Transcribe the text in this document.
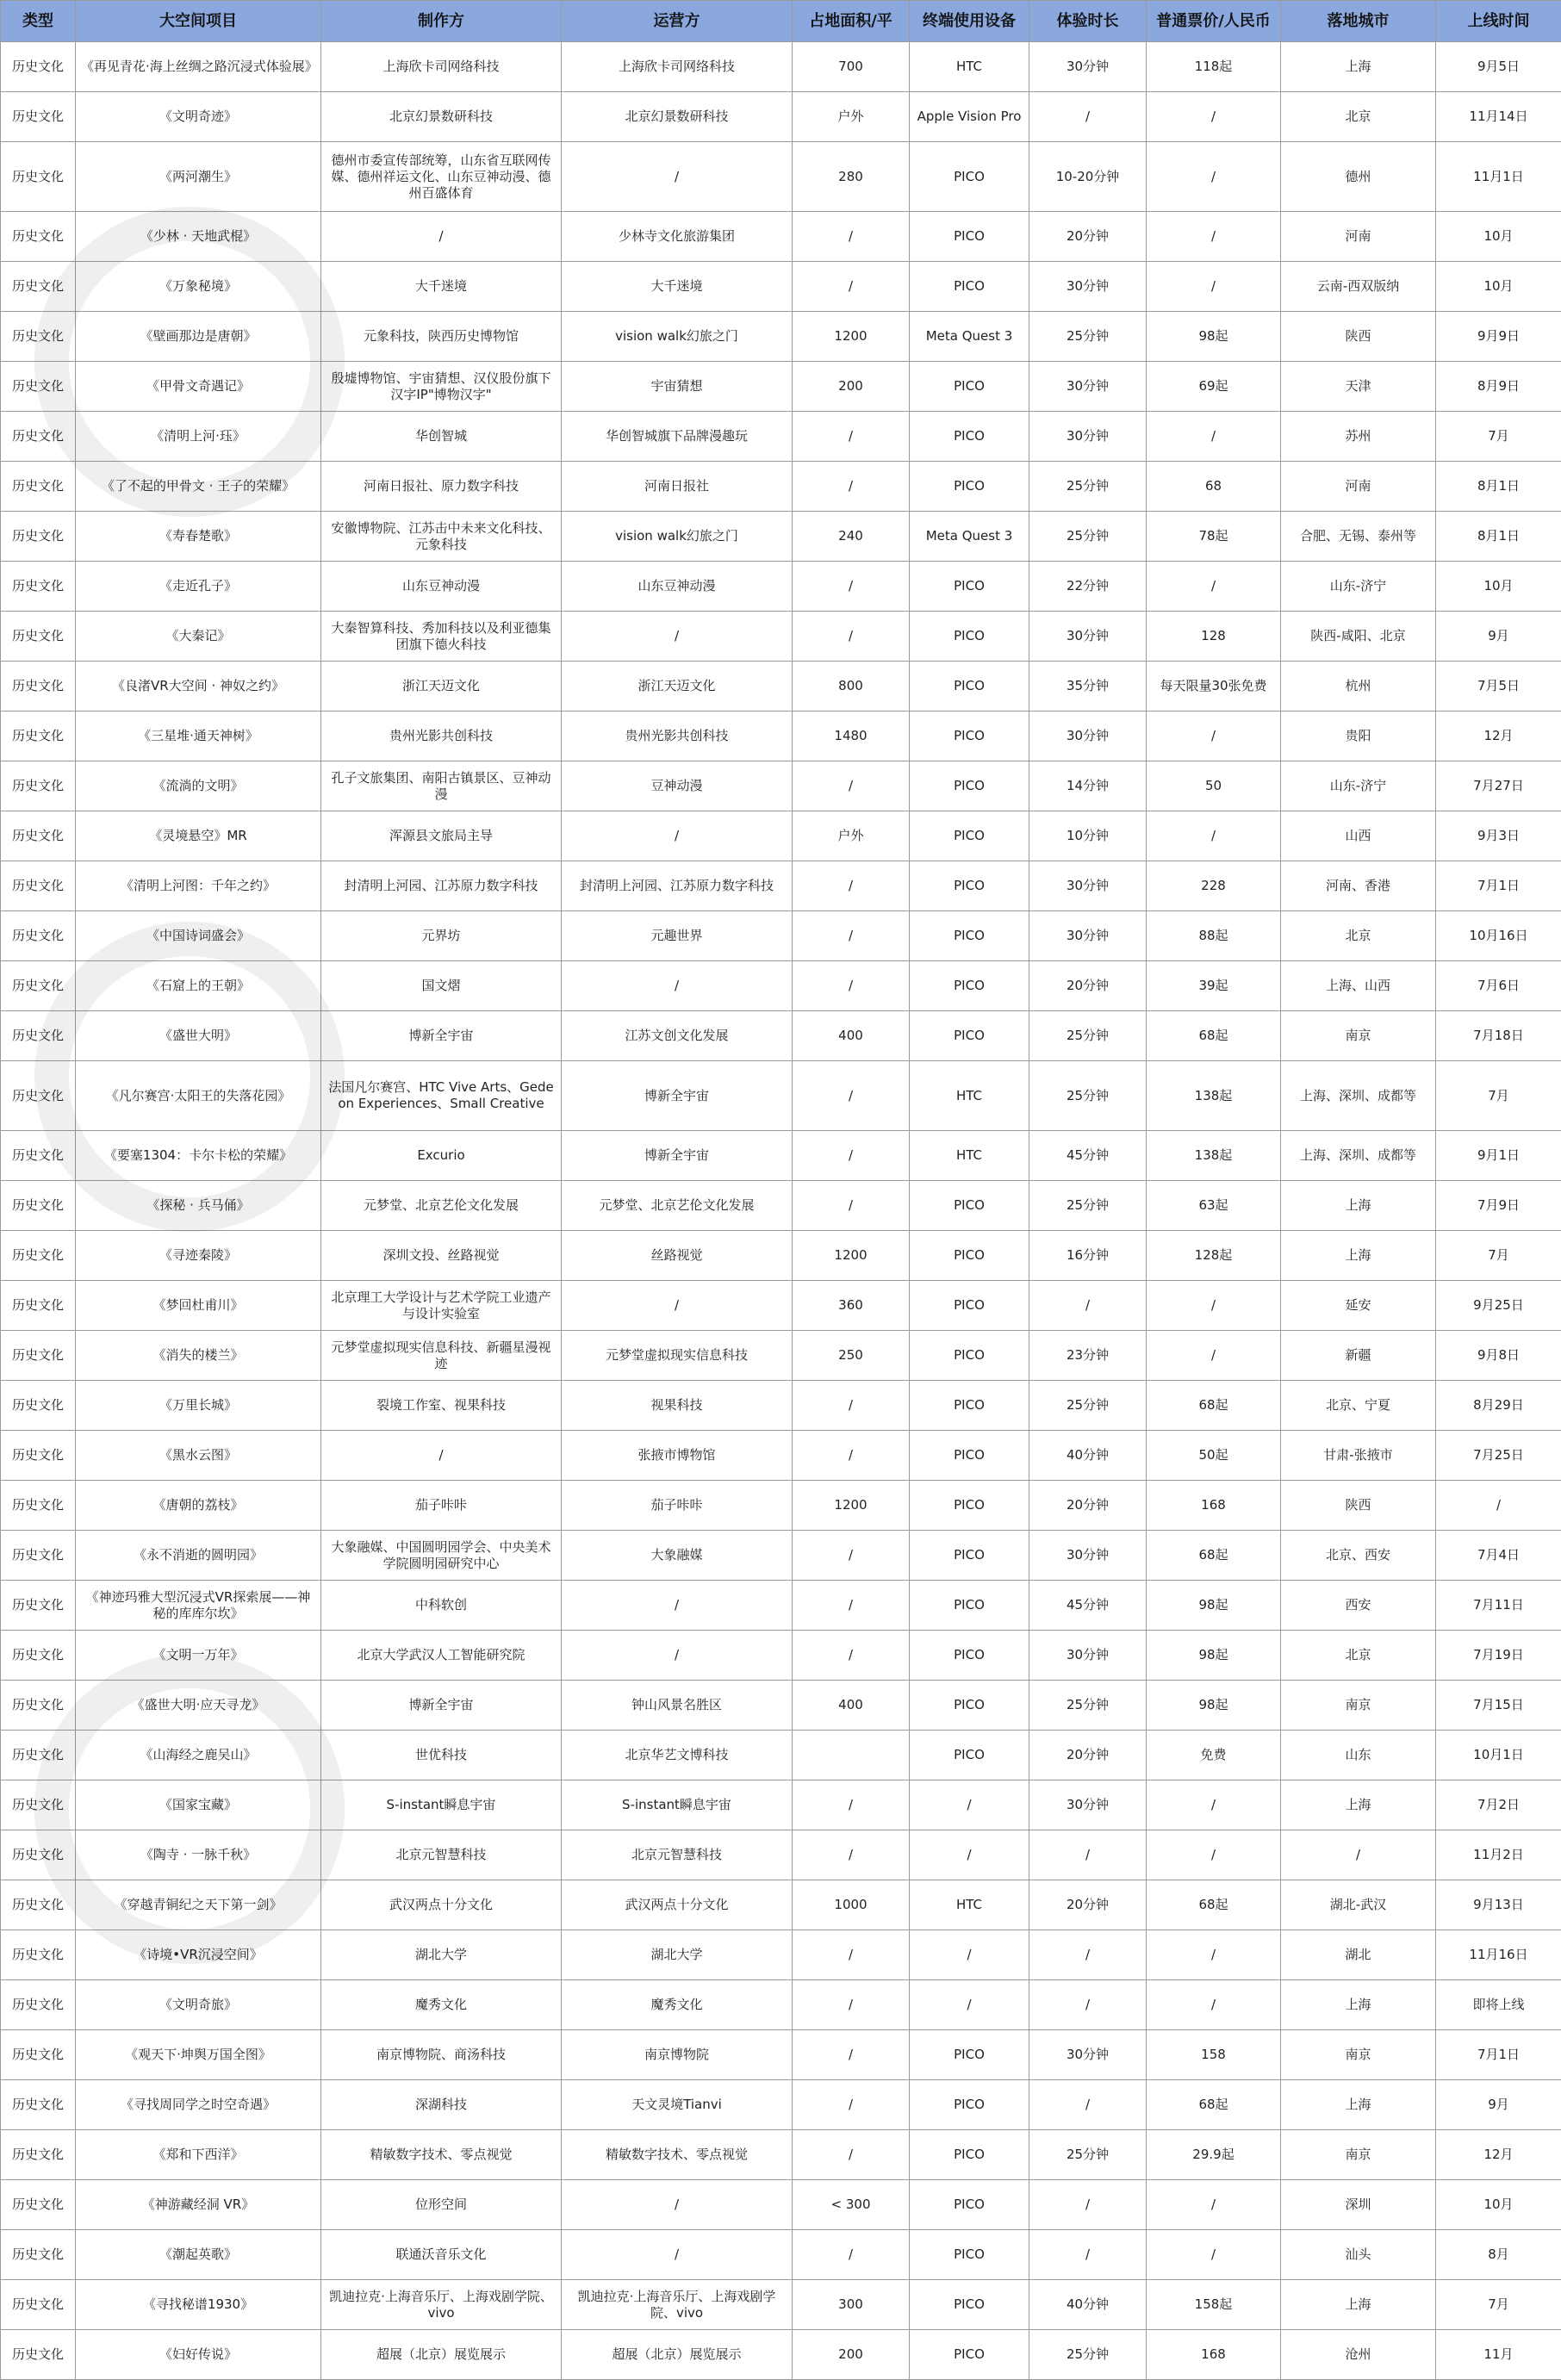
类型	大空间项目	制作方	运营方	占地面积/平	终端使用设备	体验时长	普通票价/人民币	落地城市	上线时间
历史文化	《再见青花·海上丝绸之路沉浸式体验展》	上海欣卡司网络科技	上海欣卡司网络科技	700	HTC	30分钟	118起	上海	9月5日
历史文化	《文明奇迹》	北京幻景数研科技	北京幻景数研科技	户外	Apple Vision Pro	/	/	北京	11月14日
历史文化	《两河潮生》	德州市委宣传部统筹，山东省互联网传媒、德州祥运文化、山东豆神动漫、德州百盛体育	/	280	PICO	10-20分钟	/	德州	11月1日
历史文化	《少林 · 天地武棍》	/	少林寺文化旅游集团	/	PICO	20分钟	/	河南	10月
历史文化	《万象秘境》	大千迷境	大千迷境	/	PICO	30分钟	/	云南-西双版纳	10月
历史文化	《壁画那边是唐朝》	元象科技，陕西历史博物馆	vision walk幻旅之门	1200	Meta Quest 3	25分钟	98起	陕西	9月9日
历史文化	《甲骨文奇遇记》	殷墟博物馆、宇宙猜想、汉仪股份旗下汉字IP"博物汉字"	宇宙猜想	200	PICO	30分钟	69起	天津	8月9日
历史文化	《清明上河·珏》	华创智城	华创智城旗下品牌漫趣玩	/	PICO	30分钟	/	苏州	7月
历史文化	《了不起的甲骨文 · 王子的荣耀》	河南日报社、原力数字科技	河南日报社	/	PICO	25分钟	68	河南	8月1日
历史文化	《寿春楚歌》	安徽博物院、江苏击中未来文化科技、元象科技	vision walk幻旅之门	240	Meta Quest 3	25分钟	78起	合肥、无锡、泰州等	8月1日
历史文化	《走近孔子》	山东豆神动漫	山东豆神动漫	/	PICO	22分钟	/	山东-济宁	10月
历史文化	《大秦记》	大秦智算科技、秀加科技以及利亚德集团旗下德火科技	/	/	PICO	30分钟	128	陕西-咸阳、北京	9月
历史文化	《良渚VR大空间 · 神奴之约》	浙江天迈文化	浙江天迈文化	800	PICO	35分钟	每天限量30张免费	杭州	7月5日
历史文化	《三星堆·通天神树》	贵州光影共创科技	贵州光影共创科技	1480	PICO	30分钟	/	贵阳	12月
历史文化	《流淌的文明》	孔子文旅集团、南阳古镇景区、豆神动漫	豆神动漫	/	PICO	14分钟	50	山东-济宁	7月27日
历史文化	《灵境悬空》MR	浑源县文旅局主导	/	户外	PICO	10分钟	/	山西	9月3日
历史文化	《清明上河图：千年之约》	封清明上河园、江苏原力数字科技	封清明上河园、江苏原力数字科技	/	PICO	30分钟	228	河南、香港	7月1日
历史文化	《中国诗词盛会》	元界坊	元趣世界	/	PICO	30分钟	88起	北京	10月16日
历史文化	《石窟上的王朝》	国文熠	/	/	PICO	20分钟	39起	上海、山西	7月6日
历史文化	《盛世大明》	博新全宇宙	江苏文创文化发展	400	PICO	25分钟	68起	南京	7月18日
历史文化	《凡尔赛宫·太阳王的失落花园》	法国凡尔赛宫、HTC Vive Arts、Gedeon Experiences、Small Creative	博新全宇宙	/	HTC	25分钟	138起	上海、深圳、成都等	7月
历史文化	《要塞1304：卡尔卡松的荣耀》	Excurio	博新全宇宙	/	HTC	45分钟	138起	上海、深圳、成都等	9月1日
历史文化	《探秘 · 兵马俑》	元梦堂、北京艺伦文化发展	元梦堂、北京艺伦文化发展	/	PICO	25分钟	63起	上海	7月9日
历史文化	《寻迹秦陵》	深圳文投、丝路视觉	丝路视觉	1200	PICO	16分钟	128起	上海	7月
历史文化	《梦回杜甫川》	北京理工大学设计与艺术学院工业遗产与设计实验室	/	360	PICO	/	/	延安	9月25日
历史文化	《消失的楼兰》	元梦堂虚拟现实信息科技、新疆星漫视迹	元梦堂虚拟现实信息科技	250	PICO	23分钟	/	新疆	9月8日
历史文化	《万里长城》	裂境工作室、视果科技	视果科技	/	PICO	25分钟	68起	北京、宁夏	8月29日
历史文化	《黑水云图》	/	张掖市博物馆	/	PICO	40分钟	50起	甘肃-张掖市	7月25日
历史文化	《唐朝的荔枝》	茄子咔咔	茄子咔咔	1200	PICO	20分钟	168	陕西	/
历史文化	《永不消逝的圆明园》	大象融媒、中国圆明园学会、中央美术学院圆明园研究中心	大象融媒	/	PICO	30分钟	68起	北京、西安	7月4日
历史文化	《神迹玛雅大型沉浸式VR探索展——神秘的库库尔坎》	中科软创	/	/	PICO	45分钟	98起	西安	7月11日
历史文化	《文明一万年》	北京大学武汉人工智能研究院	/	/	PICO	30分钟	98起	北京	7月19日
历史文化	《盛世大明·应天寻龙》	博新全宇宙	钟山风景名胜区	400	PICO	25分钟	98起	南京	7月15日
历史文化	《山海经之鹿吴山》	世优科技	北京华艺文博科技		PICO	20分钟	免费	山东	10月1日
历史文化	《国家宝藏》	S-instant瞬息宇宙	S-instant瞬息宇宙	/	/	30分钟	/	上海	7月2日
历史文化	《陶寺 · 一脉千秋》	北京元智慧科技	北京元智慧科技	/	/	/	/	/	11月2日
历史文化	《穿越青铜纪之天下第一剑》	武汉两点十分文化	武汉两点十分文化	1000	HTC	20分钟	68起	湖北-武汉	9月13日
历史文化	《诗境•VR沉浸空间》	湖北大学	湖北大学	/	/	/	/	湖北	11月16日
历史文化	《文明奇旅》	魔秀文化	魔秀文化	/	/	/	/	上海	即将上线
历史文化	《观天下·坤舆万国全图》	南京博物院、商汤科技	南京博物院	/	PICO	30分钟	158	南京	7月1日
历史文化	《寻找周同学之时空奇遇》	深湖科技	天文灵境Tianvi	/	PICO	/	68起	上海	9月
历史文化	《郑和下西洋》	精敏数字技术、零点视觉	精敏数字技术、零点视觉	/	PICO	25分钟	29.9起	南京	12月
历史文化	《神游藏经洞 VR》	位形空间	/	< 300	PICO	/	/	深圳	10月
历史文化	《潮起英歌》	联通沃音乐文化	/	/	PICO	/	/	汕头	8月
历史文化	《寻找秘谱1930》	凯迪拉克·上海音乐厅、上海戏剧学院、vivo	凯迪拉克·上海音乐厅、上海戏剧学院、vivo	300	PICO	40分钟	158起	上海	7月
历史文化	《妇好传说》	超展（北京）展览展示	超展（北京）展览展示	200	PICO	25分钟	168	沧州	11月
